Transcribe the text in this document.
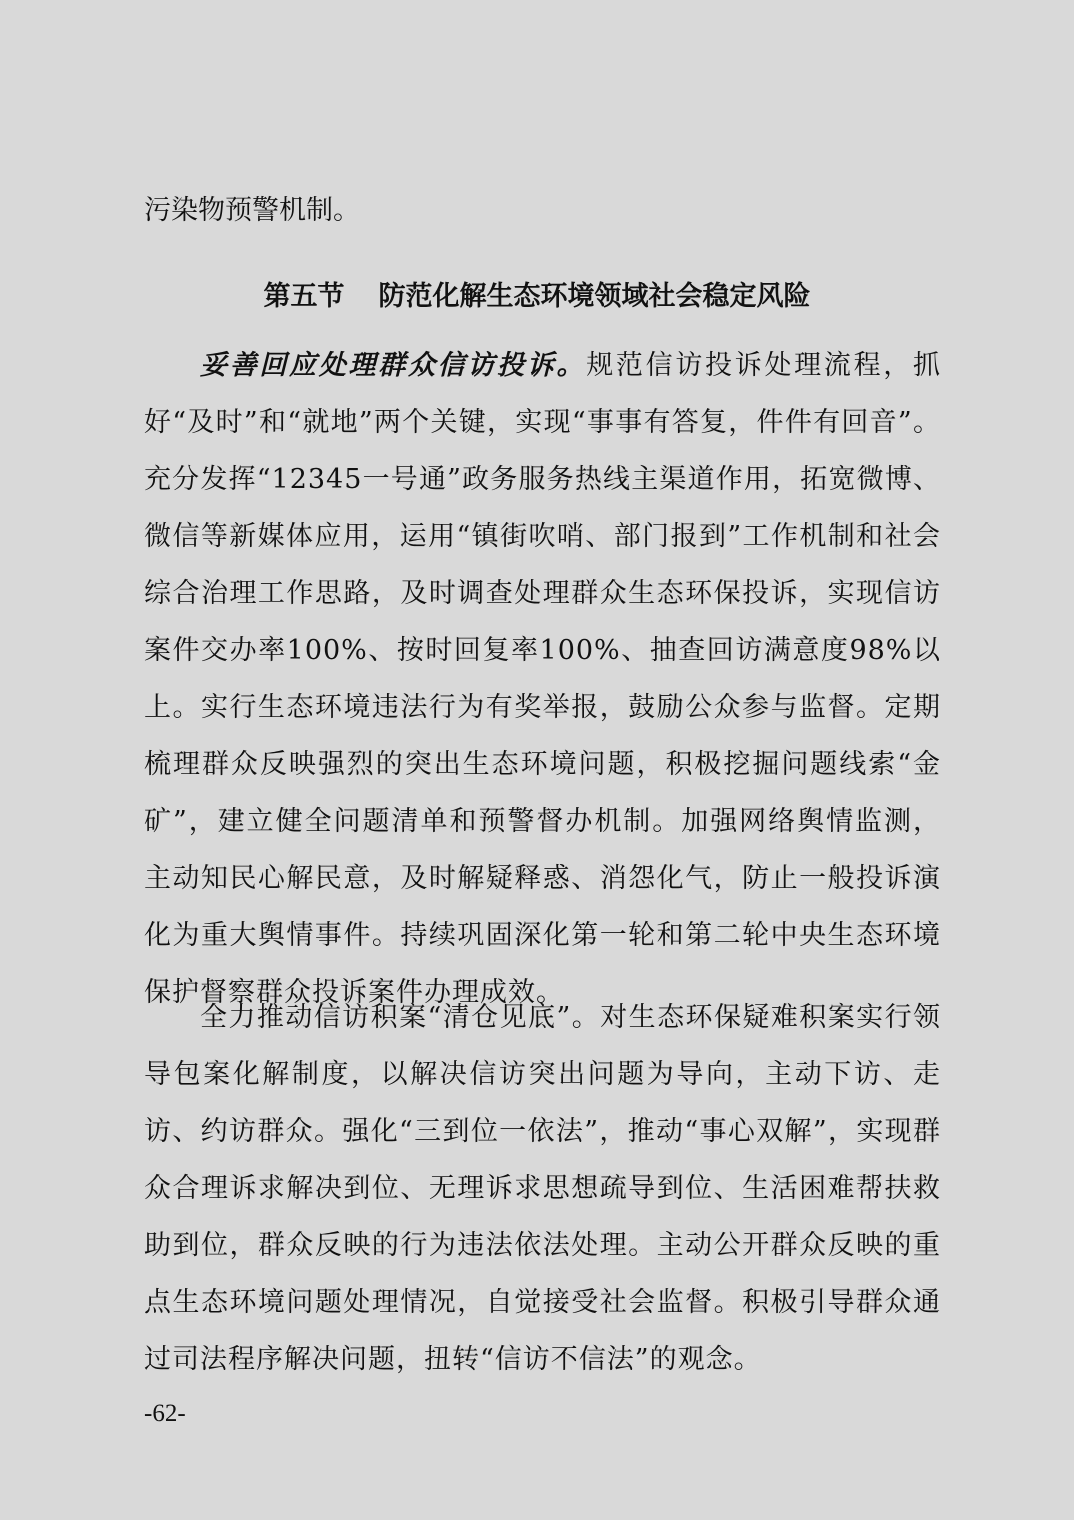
污染物预警机制。
第五节 防范化解生态环境领域社会稳定风险
妥善回应处理群众信访投诉。规范信访投诉处理流程，抓好“及时”和“就地”两个关键，实现“事事有答复，件件有回音”。充分发挥“12345一号通”政务服务热线主渠道作用，拓宽微博、微信等新媒体应用，运用“镇街吹哨、部门报到”工作机制和社会综合治理工作思路，及时调查处理群众生态环保投诉，实现信访案件交办率100%、按时回复率100%、抽查回访满意度98%以上。实行生态环境违法行为有奖举报，鼓励公众参与监督。定期梳理群众反映强烈的突出生态环境问题，积极挖掘问题线索“金矿”，建立健全问题清单和预警督办机制。加强网络舆情监测，主动知民心解民意，及时解疑释惑、消怨化气，防止一般投诉演化为重大舆情事件。持续巩固深化第一轮和第二轮中央生态环境保护督察群众投诉案件办理成效。
全力推动信访积案“清仓见底”。对生态环保疑难积案实行领导包案化解制度，以解决信访突出问题为导向，主动下访、走访、约访群众。强化“三到位一依法”，推动“事心双解”，实现群众合理诉求解决到位、无理诉求思想疏导到位、生活困难帮扶救助到位，群众反映的行为违法依法处理。主动公开群众反映的重点生态环境问题处理情况，自觉接受社会监督。积极引导群众通过司法程序解决问题，扭转“信访不信法”的观念。
-62-
